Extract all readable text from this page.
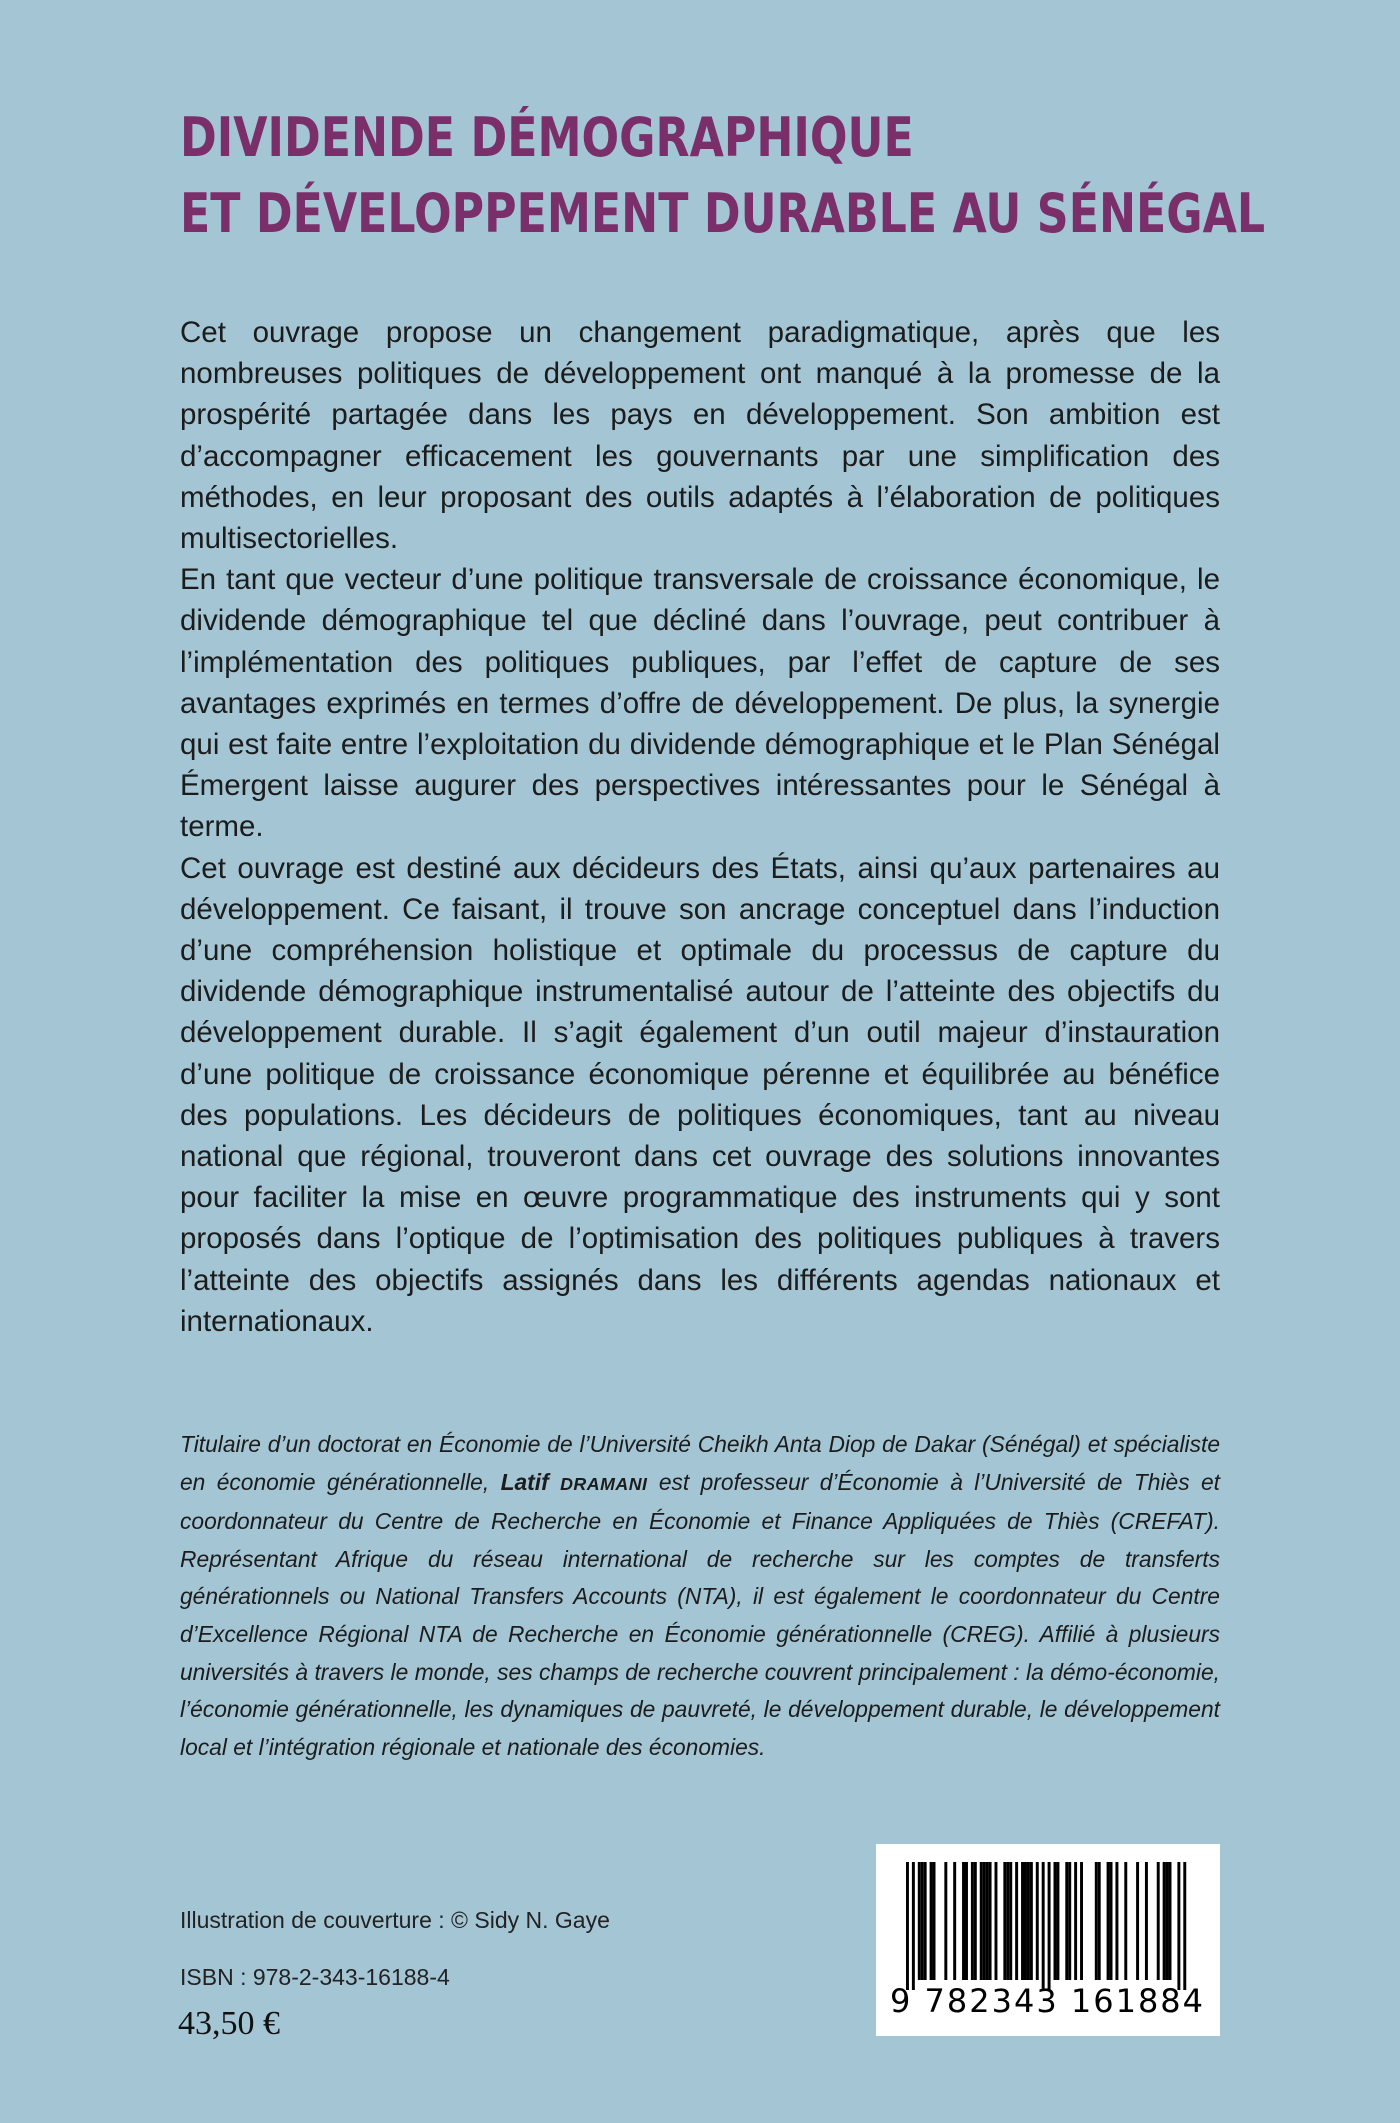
DIVIDENDE DÉMOGRAPHIQUE
ET DÉVELOPPEMENT DURABLE AU SÉNÉGAL

Cet ouvrage propose un changement paradigmatique, après que les nombreuses politiques de développement ont manqué à la promesse de la prospérité partagée dans les pays en développement. Son ambition est d’accompagner efficacement les gouvernants par une simplification des méthodes, en leur proposant des outils adaptés à l’élaboration de politiques multisectorielles.

En tant que vecteur d’une politique transversale de croissance économique, le dividende démographique tel que décliné dans l’ouvrage, peut contribuer à l’implémentation des politiques publiques, par l’effet de capture de ses avantages exprimés en termes d’offre de développement. De plus, la synergie qui est faite entre l’exploitation du dividende démographique et le Plan Sénégal Émergent laisse augurer des perspectives intéressantes pour le Sénégal à terme.

Cet ouvrage est destiné aux décideurs des États, ainsi qu’aux partenaires au développement. Ce faisant, il trouve son ancrage conceptuel dans l’induction d’une compréhension holistique et optimale du processus de capture du dividende démographique instrumentalisé autour de l’atteinte des objectifs du développement durable. Il s’agit également d’un outil majeur d’instauration d’une politique de croissance économique pérenne et équilibrée au bénéfice des populations. Les décideurs de politiques économiques, tant au niveau national que régional, trouveront dans cet ouvrage des solutions innovantes pour faciliter la mise en œuvre programmatique des instruments qui y sont proposés dans l’optique de l’optimisation des politiques publiques à travers l’atteinte des objectifs assignés dans les différents agendas nationaux et internationaux.

Titulaire d’un doctorat en Économie de l’Université Cheikh Anta Diop de Dakar (Sénégal) et spécialiste en économie générationnelle, Latif DRAMANI est professeur d’Économie à l’Université de Thiès et coordonnateur du Centre de Recherche en Économie et Finance Appliquées de Thiès (CREFAT). Représentant Afrique du réseau international de recherche sur les comptes de transferts générationnels ou National Transfers Accounts (NTA), il est également le coordonnateur du Centre d’Excellence Régional NTA de Recherche en Économie générationnelle (CREG). Affilié à plusieurs universités à travers le monde, ses champs de recherche couvrent principalement : la démo-économie, l’économie générationnelle, les dynamiques de pauvreté, le développement durable, le développement local et l’intégration régionale et nationale des économies.

Illustration de couverture : © Sidy N. Gaye

ISBN : 978-2-343-16188-4

43,50 €

9 782343 161884
